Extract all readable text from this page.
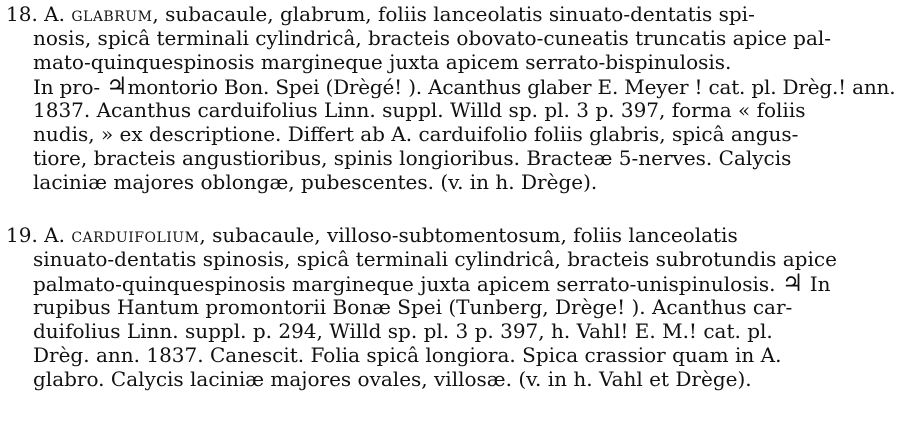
18. A. glabrum, subacaule, glabrum, foliis lanceolatis sinuato-dentatis spi-
nosis, spicâ terminali cylindricâ, bracteis obovato-cuneatis truncatis apice pal-
mato-quinquespinosis margineque juxta apicem serrato-bispinulosis.
In pro- ♃montorio Bon. Spei (Drègé! ). Acanthus glaber E. Meyer ! cat. pl. Drèg.! ann.
1837. Acanthus carduifolius Linn. suppl. Willd sp. pl. 3 p. 397, forma « foliis
nudis, » ex descriptione. Differt ab A. carduifolio foliis glabris, spicâ angus-
tiore, bracteis angustioribus, spinis longioribus. Bracteæ 5-nerves. Calycis
laciniæ majores oblongæ, pubescentes. (v. in h. Drège).
19. A. carduifolium, subacaule, villoso-subtomentosum, foliis lanceolatis
sinuato-dentatis spinosis, spicâ terminali cylindricâ, bracteis subrotundis apice
palmato-quinquespinosis margineque juxta apicem serrato-unispinulosis. ♃ In
rupibus Hantum promontorii Bonæ Spei (Tunberg, Drège! ). Acanthus car-
duifolius Linn. suppl. p. 294, Willd sp. pl. 3 p. 397, h. Vahl! E. M.! cat. pl.
Drèg. ann. 1837. Canescit. Folia spicâ longiora. Spica crassior quam in A.
glabro. Calycis laciniæ majores ovales, villosæ. (v. in h. Vahl et Drège).
